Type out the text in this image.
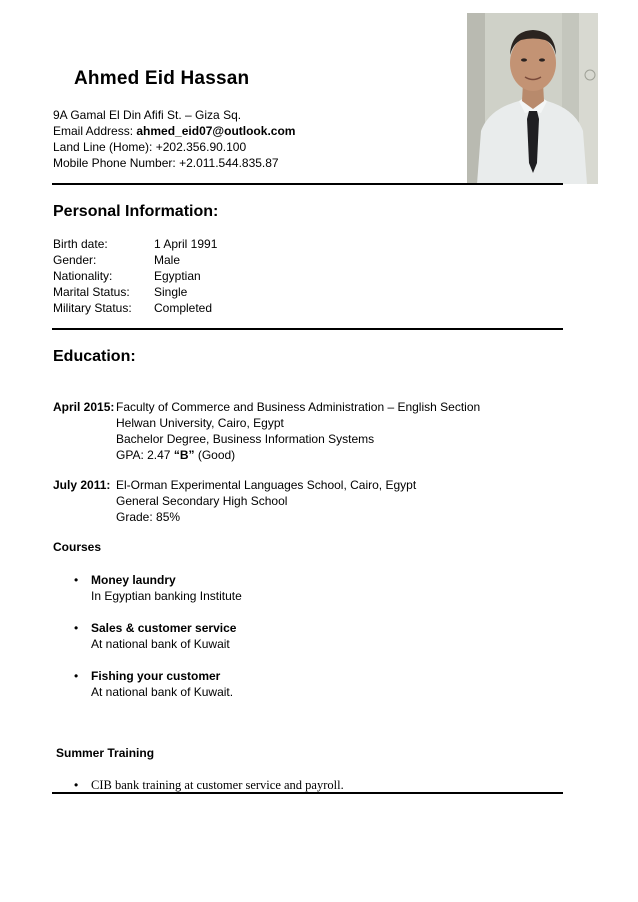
Ahmed Eid Hassan
9A Gamal El Din Afifi St. – Giza Sq.
Email Address: ahmed_eid07@outlook.com
Land Line (Home): +202.356.90.100
Mobile Phone Number: +2.011.544.835.87
Personal Information:
Birth date:	1 April 1991
Gender:	Male
Nationality:	Egyptian
Marital Status:	Single
Military Status:	Completed
Education:
April 2015: Faculty of Commerce and Business Administration – English Section
Helwan University, Cairo, Egypt
Bachelor Degree, Business Information Systems
GPA: 2.47 “B” (Good)
July 2011: El-Orman Experimental Languages School, Cairo, Egypt
General Secondary High School
Grade: 85%
Courses
• Money laundry
In Egyptian banking Institute
• Sales & customer service
At national bank of Kuwait
• Fishing your customer
At national bank of Kuwait.
Summer Training
• CIB bank training at customer service and payroll.
